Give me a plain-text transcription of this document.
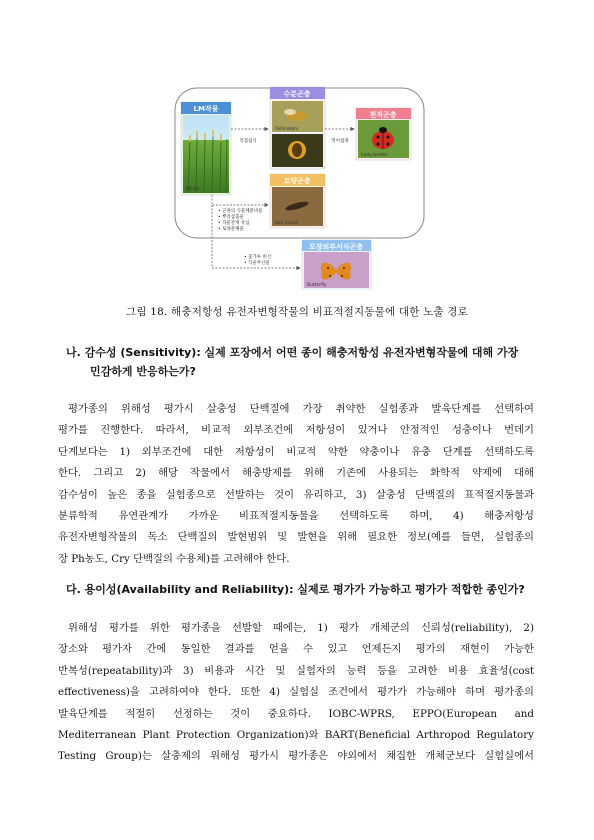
LM작물
Maize
수분곤충
Pollinators
Honey bee
천적곤충
Lady beetle
토양곤충
Soil insect
포장외부서식곤충
Butterfly
직접섭식	먹이섭취
• 근권의 식물체분비물
• 뿌리삼출물
• 작물잔재 유입
• 토양분해물
• 꽃가루 비산
• 식물부산물
그림 18. 해충저항성 유전자변형작물의 비표적절지동물에 대한 노출 경로
나. 감수성 (Sensitivity): 실제 포장에서 어떤 종이 해충저항성 유전자변형작물에 대해 가장
민감하게 반응하는가?
평가종의 위해성 평가시 살충성 단백질에 가장 취약한 실험종과 발육단계를 선택하여
평가를 진행한다. 따라서, 비교적 외부조건에 저항성이 있거나 안정적인 성충이나 번데기
단계보다는 1) 외부조건에 대한 저항성이 비교적 약한 약충이나 유충 단계를 선택하도록
한다. 그리고 2) 해당 작물에서 해충방제를 위해 기존에 사용되는 화학적 약제에 대해
감수성이 높은 종을 실험종으로 선발하는 것이 유리하고, 3) 살충성 단백질의 표적절지동물과
분류학적 유연관계가 가까운 비표적절지동물을 선택하도록 하며, 4) 해충저항성
유전자변형작물의 독소 단백질의 발현범위 및 발현을 위해 필요한 정보(예를 들면, 실험종의
장 Ph농도, Cry 단백질의 수용체)를 고려해야 한다.
다. 용이성(Availability and Reliability): 실제로 평가가 가능하고 평가가 적합한 종인가?
위해성 평가를 위한 평가종을 선발할 때에는, 1) 평가 개체군의 신뢰성(reliability), 2)
장소와 평가자 간에 동일한 결과를 얻을 수 있고 언제든지 평가의 재현이 가능한
반복성(repeatability)과 3) 비용과 시간 및 실험자의 능력 등을 고려한 비용 효율성(cost
effectiveness)을 고려하여야 한다. 또한 4) 실험실 조건에서 평가가 가능해야 하며 평가종의
발육단계를 적절히 선정하는 것이 중요하다. IOBC-WPRS, EPPO(European and
Mediterranean Plant Protection Organization)와 BART(Beneficial Arthropod Regulatory
Testing Group)는 살충제의 위해성 평가시 평가종은 야외에서 채집한 개체군보다 실험실에서
